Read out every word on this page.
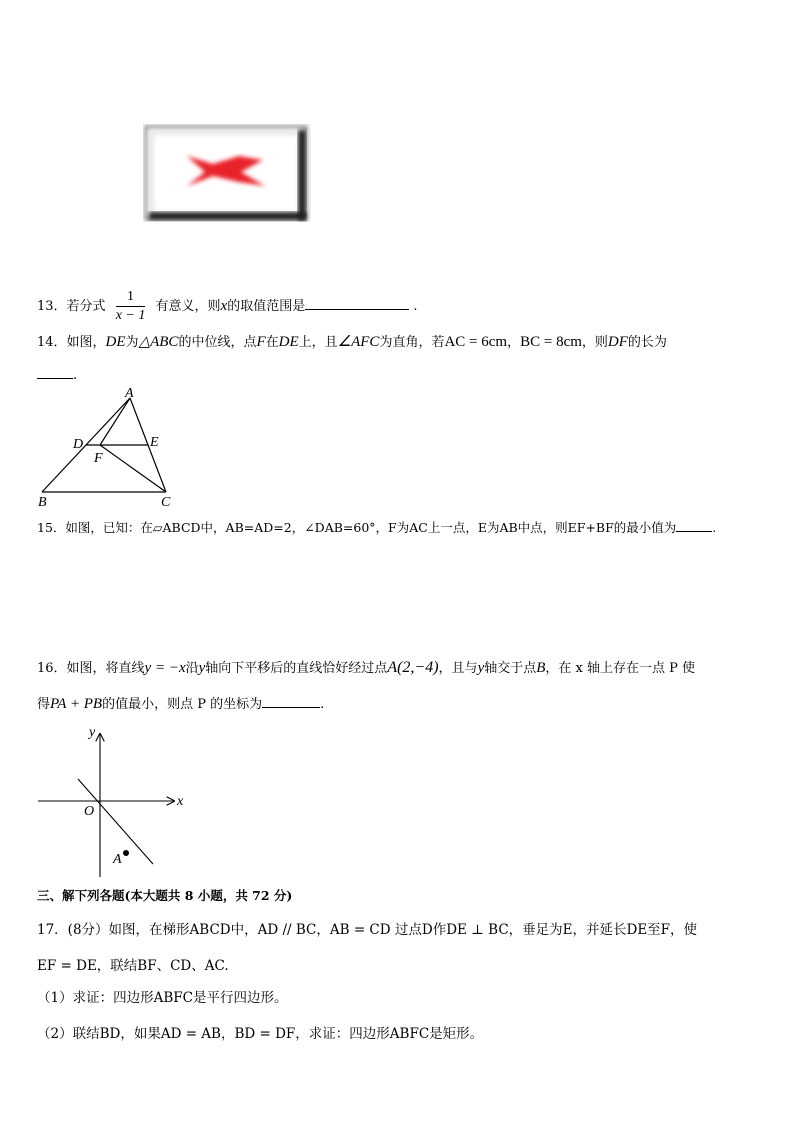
13．若分式 $\frac{1}{x - 1}$ 有意义，则x的取值范围是	.
14．如图，DE为△ABC的中位线，点F在DE上，且∠AFC为直角，若AC = 6cm，BC = 8cm，则DF的长为
.
A
B	C
D	E
F
15．如图，已知：在▱ABCD中，AB=AD=2，∠DAB=60°，F为AC上一点，E为AB中点，则EF+BF的最小值为	.
16．如图，将直线y = −x沿y轴向下平移后的直线恰好经过点A(2,−4)，且与y轴交于点B，在 x 轴上存在一点 P 使
得PA + PB的值最小，则点 P 的坐标为	.
x
y
O
A
三、解下列各题(本大题共 8 小题，共 72 分)
17．(8分）如图，在梯形ABCD中，AD // BC，AB = CD 过点D作DE ⊥ BC，垂足为E，并延长DE至F，使
EF = DE，联结BF、CD、AC.
（1）求证：四边形ABFC是平行四边形。
（2）联结BD，如果AD = AB，BD = DF，求证：四边形ABFC是矩形。
